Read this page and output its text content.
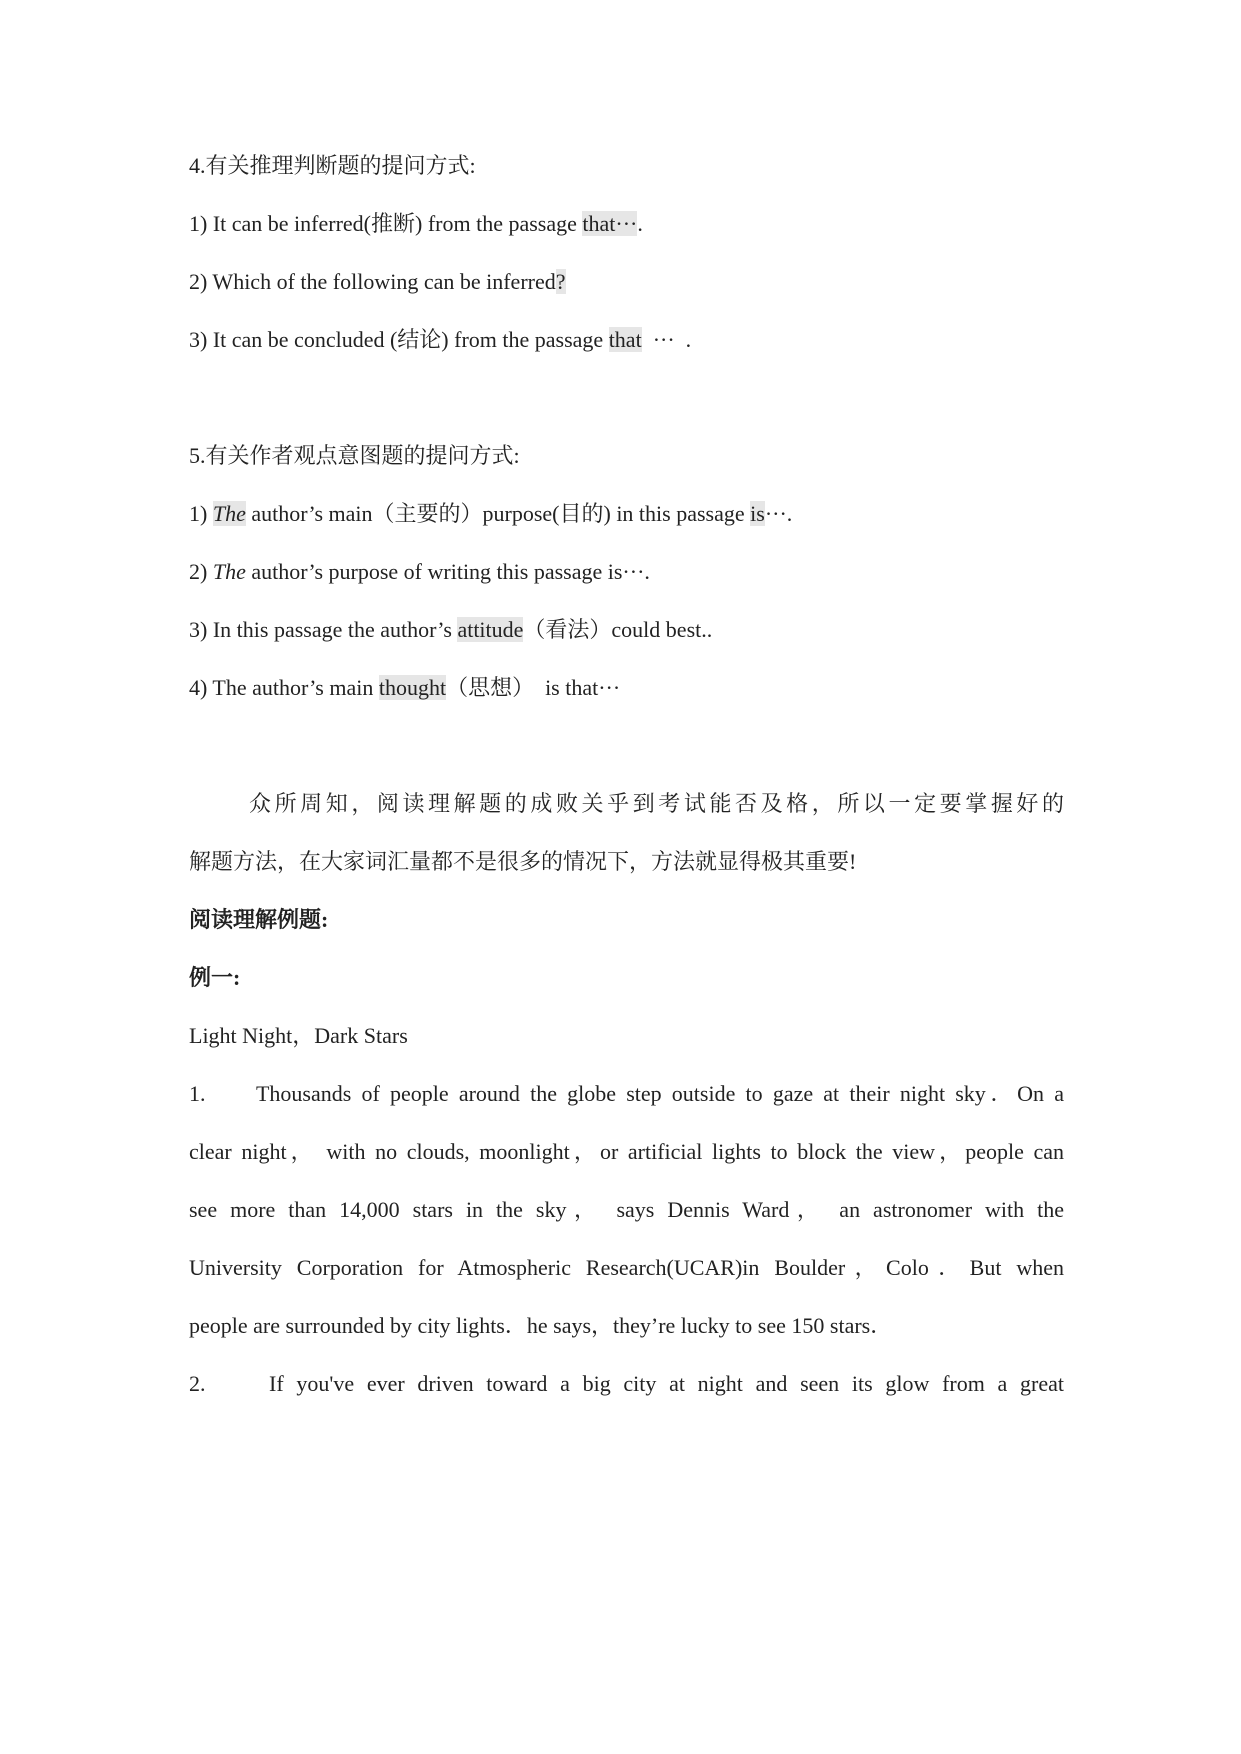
4.有关推理判断题的提问方式:
1) It can be inferred(推断) from the passage that···.
2) Which of the following can be inferred?
3) It can be concluded (结论) from the passage that  ···  .
5.有关作者观点意图题的提问方式:
1) The author’s main（主要的）purpose(目的) in this passage is···.
2) The author’s purpose of writing this passage is···.
3) In this passage the author’s attitude（看法）could best..
4) The author’s main thought（思想）  is that···
众所周知，阅读理解题的成败关乎到考试能否及格，所以一定要掌握好的
解题方法，在大家词汇量都不是很多的情况下，方法就显得极其重要!
阅读理解例题:
例一:
Light Night，Dark Stars
1.     Thousands of people around the globe step outside to gaze at their night sky．On a
clear night， with no clouds, moonlight，or artificial lights to block the view，people can
see more than 14,000 stars in the sky， says Dennis Ward， an astronomer with the
University Corporation for Atmospheric Research(UCAR)in Boulder，Colo．But when
people are surrounded by city lights．he says，they’re lucky to see 150 stars．
2.     If you've ever driven toward a big city at night and seen its glow from a great
